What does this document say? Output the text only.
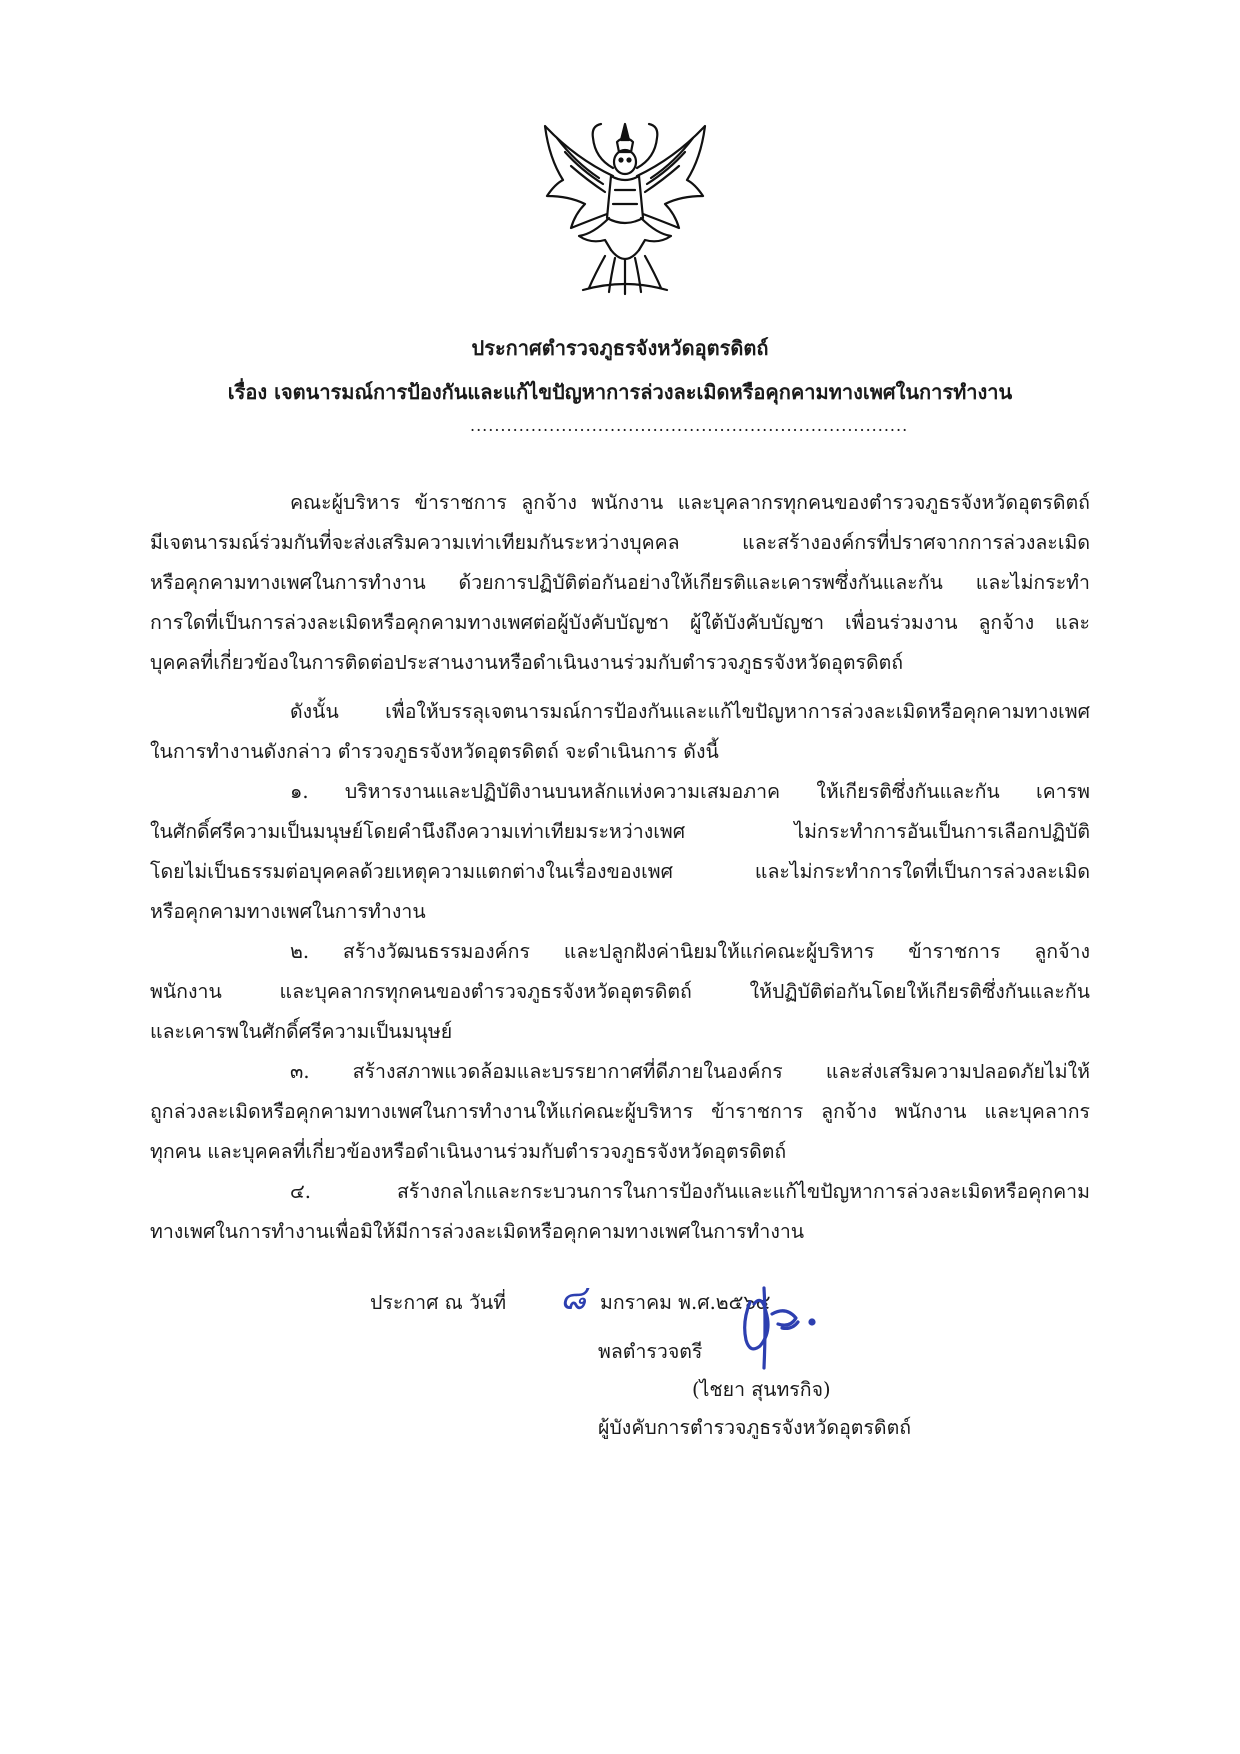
ประกาศตำรวจภูธรจังหวัดอุตรดิตถ์
เรื่อง เจตนารมณ์การป้องกันและแก้ไขปัญหาการล่วงละเมิดหรือคุกคามทางเพศในการทำงาน
........................................................................
คณะผู้บริหาร ข้าราชการ ลูกจ้าง พนักงาน และบุคลากรทุกคนของตำรวจภูธรจังหวัดอุตรดิตถ์
มีเจตนารมณ์ร่วมกันที่จะส่งเสริมความเท่าเทียมกันระหว่างบุคคล และสร้างองค์กรที่ปราศจากการล่วงละเมิด
หรือคุกคามทางเพศในการทำงาน ด้วยการปฏิบัติต่อกันอย่างให้เกียรติและเคารพซึ่งกันและกัน และไม่กระทำ
การใดที่เป็นการล่วงละเมิดหรือคุกคามทางเพศต่อผู้บังคับบัญชา ผู้ใต้บังคับบัญชา เพื่อนร่วมงาน ลูกจ้าง และ
บุคคลที่เกี่ยวข้องในการติดต่อประสานงานหรือดำเนินงานร่วมกับตำรวจภูธรจังหวัดอุตรดิตถ์
ดังนั้น เพื่อให้บรรลุเจตนารมณ์การป้องกันและแก้ไขปัญหาการล่วงละเมิดหรือคุกคามทางเพศ
ในการทำงานดังกล่าว ตำรวจภูธรจังหวัดอุตรดิตถ์ จะดำเนินการ ดังนี้
๑. บริหารงานและปฏิบัติงานบนหลักแห่งความเสมอภาค ให้เกียรติซึ่งกันและกัน เคารพ
ในศักดิ์ศรีความเป็นมนุษย์โดยคำนึงถึงความเท่าเทียมระหว่างเพศ ไม่กระทำการอันเป็นการเลือกปฏิบัติ
โดยไม่เป็นธรรมต่อบุคคลด้วยเหตุความแตกต่างในเรื่องของเพศ และไม่กระทำการใดที่เป็นการล่วงละเมิด
หรือคุกคามทางเพศในการทำงาน
๒. สร้างวัฒนธรรมองค์กร และปลูกฝังค่านิยมให้แก่คณะผู้บริหาร ข้าราชการ ลูกจ้าง
พนักงาน และบุคลากรทุกคนของตำรวจภูธรจังหวัดอุตรดิตถ์ ให้ปฏิบัติต่อกันโดยให้เกียรติซึ่งกันและกัน
และเคารพในศักดิ์ศรีความเป็นมนุษย์
๓. สร้างสภาพแวดล้อมและบรรยากาศที่ดีภายในองค์กร และส่งเสริมความปลอดภัยไม่ให้
ถูกล่วงละเมิดหรือคุกคามทางเพศในการทำงานให้แก่คณะผู้บริหาร ข้าราชการ ลูกจ้าง พนักงาน และบุคลากร
ทุกคน และบุคคลที่เกี่ยวข้องหรือดำเนินงานร่วมกับตำรวจภูธรจังหวัดอุตรดิตถ์
๔. สร้างกลไกและกระบวนการในการป้องกันและแก้ไขปัญหาการล่วงละเมิดหรือคุกคาม
ทางเพศในการทำงานเพื่อมิให้มีการล่วงละเมิดหรือคุกคามทางเพศในการทำงาน
ประกาศ ณ วันที่ ๘ มกราคม พ.ศ.๒๕๖๔
พลตำรวจตรี
(ไชยา สุนทรกิจ)
ผู้บังคับการตำรวจภูธรจังหวัดอุตรดิตถ์
